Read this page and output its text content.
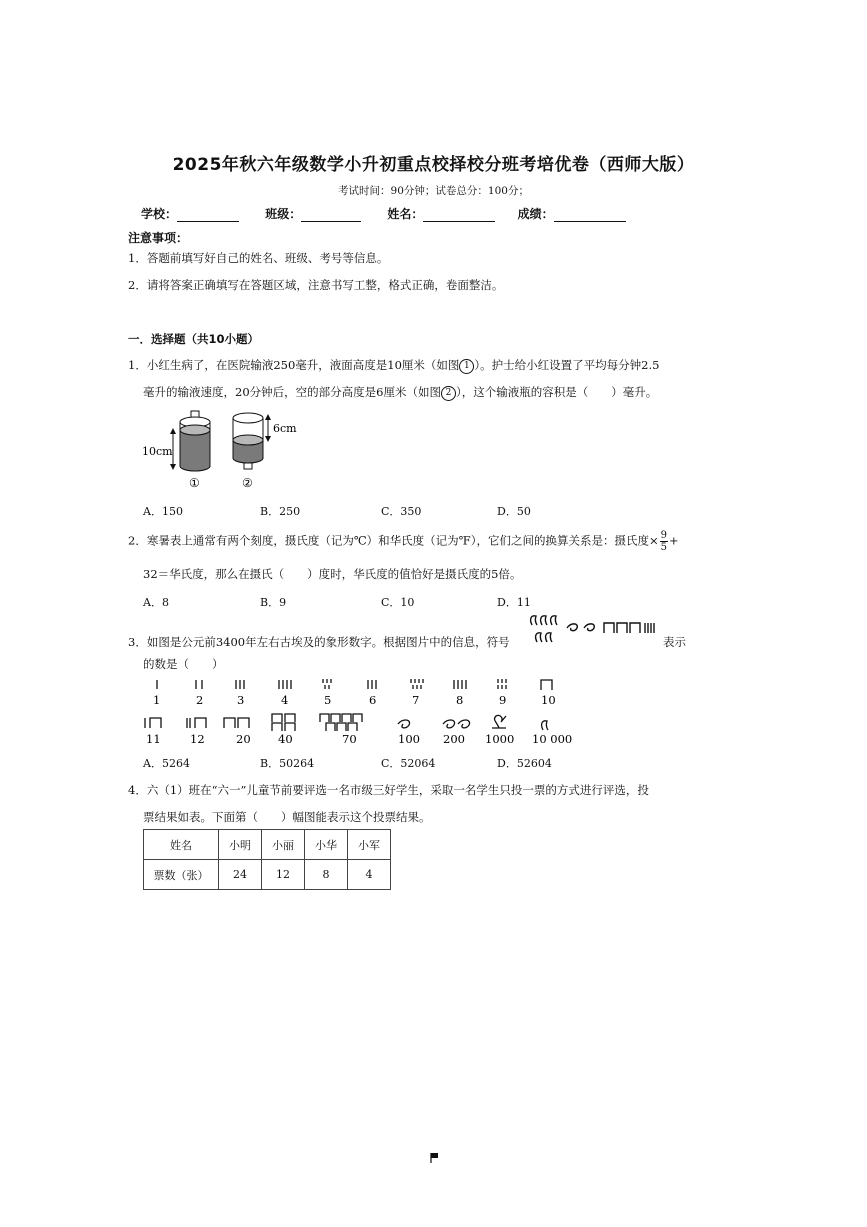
2025年秋六年级数学小升初重点校择校分班考培优卷（西师大版）
考试时间：90分钟；试卷总分：100分；
学校：	班级：	姓名：	成绩：
注意事项：
1．答题前填写好自己的姓名、班级、考号等信息。
2．请将答案正确填写在答题区域，注意书写工整，格式正确，卷面整洁。
一．选择题（共10小题）
1．小红生病了，在医院输液250毫升，液面高度是10厘米（如图 1 ）。护士给小红设置了平均每分钟2.5
毫升的输液速度，20分钟后，空的部分高度是6厘米（如图 2 ），这个输液瓶的容积是（　　）毫升。
10cm
6cm
①	②
A．150	B．250	C．350	D．50
2．寒暑表上通常有两个刻度，摄氏度（记为℃）和华氏度（记为℉），它们之间的换算关系是：摄氏度× $\frac{9}{5}$ +
32＝华氏度，那么在摄氏（　　）度时，华氏度的值恰好是摄氏度的5倍。
A．8	B．9	C．10	D．11
3．如图是公元前3400年左右古埃及的象形数字。根据图片中的信息，符号	表示
的数是（　　）
1	2	3	4	5	6	7	8	9	10
11	12	20 40	70	100 200 1000 10 000
A．5264	B．50264	C．52064	D．52604
4．六（1）班在“六一”儿童节前要评选一名市级三好学生，采取一名学生只投一票的方式进行评选，投
票结果如表。下面第（　　）幅图能表示这个投票结果。
姓名	小明	小丽	小华	小军
票数（张）	24	12	8	4
